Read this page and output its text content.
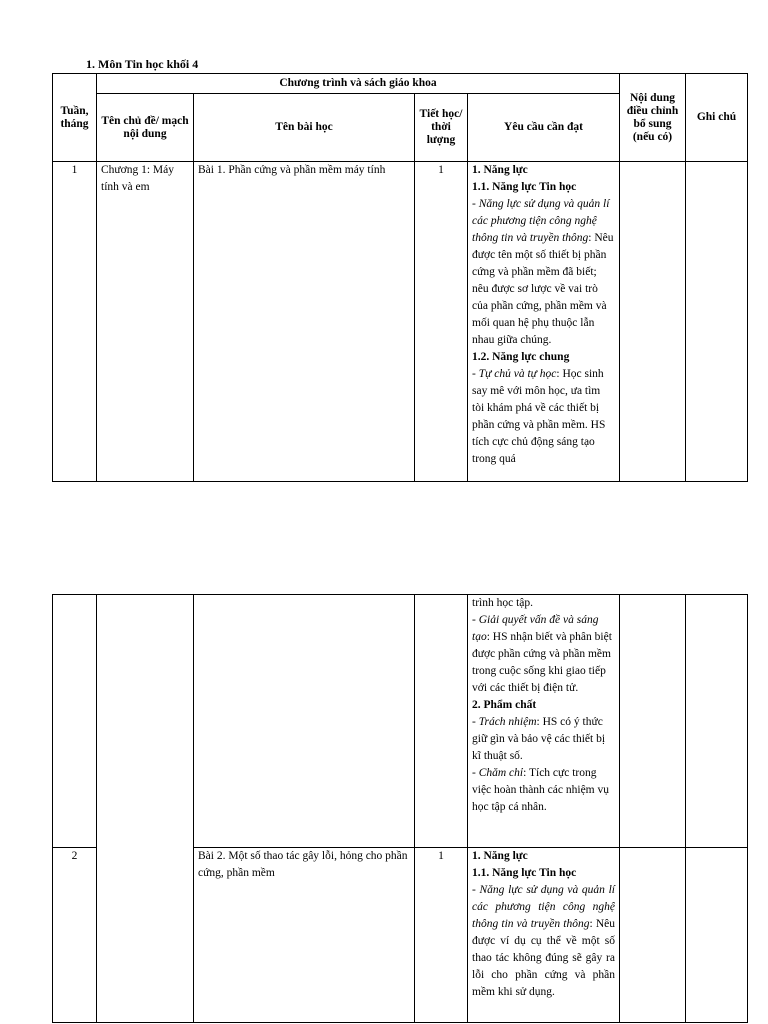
1. Môn Tin học khối 4
Tuần, tháng	Chương trình và sách giáo khoa				Nội dung điều chỉnh bổ sung (nếu có)	Ghi chú
	Tên chủ đề/ mạch nội dung	Tên bài học	Tiết học/ thời lượng	Yêu cầu cần đạt		
1	Chương 1: Máy tính và em	Bài 1. Phần cứng và phần mềm máy tính	1	1. Năng lực

1.1. Năng lực Tin học

- Năng lực sử dụng và quản lí các phương tiện công nghệ thông tin và truyền thông: Nêu được tên một số thiết bị phần cứng và phần mềm đã biết; nêu được sơ lược về vai trò của phần cứng, phần mềm và mối quan hệ phụ thuộc lẫn nhau giữa chúng.

1.2. Năng lực chung

- Tự chủ và tự học: Học sinh say mê với môn học, ưa tìm tòi khám phá về các thiết bị phần cứng và phần mềm. HS tích cực chủ động sáng tạo trong quá		

				trình học tập.

- Giải quyết vấn đề và sáng tạo: HS nhận biết và phân biệt được phần cứng và phần mềm trong cuộc sống khi giao tiếp với các thiết bị điện tử.

2. Phẩm chất

- Trách nhiệm: HS có ý thức giữ gìn và bảo vệ các thiết bị kĩ thuật số.

- Chăm chỉ: Tích cực trong việc hoàn thành các nhiệm vụ học tập cá nhân.		

2		Bài 2. Một số thao tác gây lỗi, hỏng cho phần cứng, phần mềm	1	1. Năng lực

1.1. Năng lực Tin học

- Năng lực sử dụng và quản lí các phương tiện công nghệ thông tin và truyền thông: Nêu được ví dụ cụ thể về một số thao tác không đúng sẽ gây ra lỗi cho phần cứng và phần mềm khi sử dụng.		
